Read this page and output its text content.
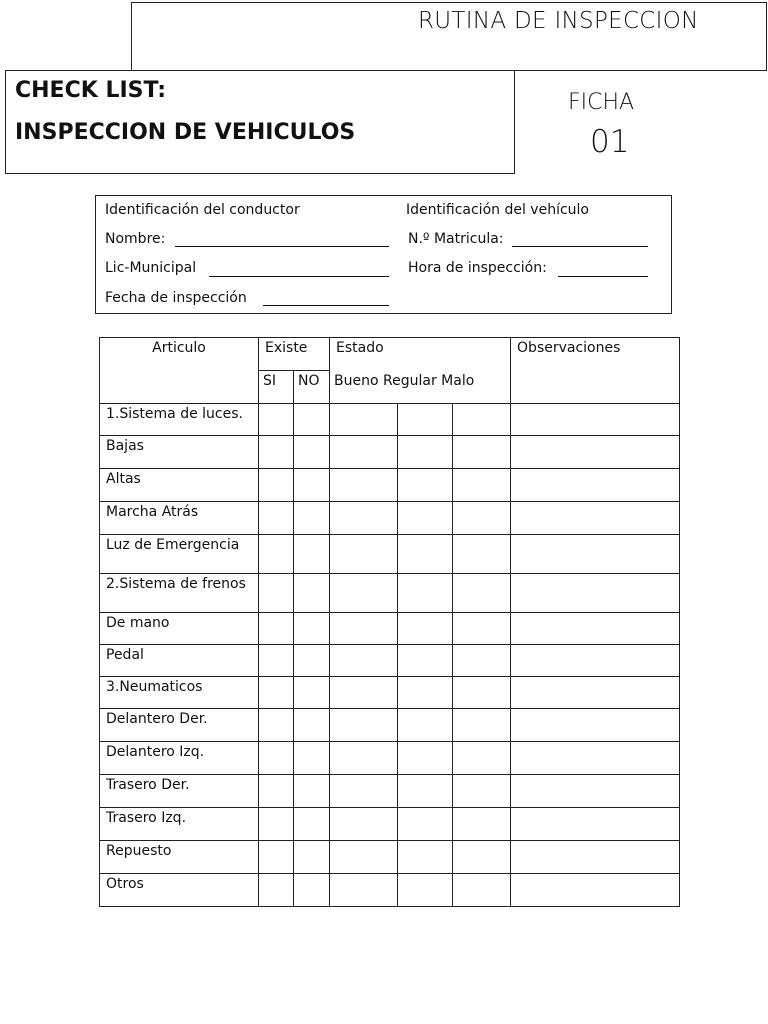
RUTINA DE INSPECCION
CHECK LIST:
INSPECCION DE VEHICULOS
FICHA
01
Identificación del conductor	Identificación del vehículo
Nombre:	N.º Matricula:
Lic-Municipal	Hora de inspección:
Fecha de inspección
Articulo	Existe		Estado			Observaciones
	SI	NO	Bueno Regular Malo			
1.Sistema de luces.						
Bajas						
Altas						
Marcha Atrás						
Luz de Emergencia						
2.Sistema de frenos						
De mano						
Pedal						
3.Neumaticos						
Delantero Der.						
Delantero Izq.						
Trasero Der.						
Trasero Izq.						
Repuesto						
Otros						
